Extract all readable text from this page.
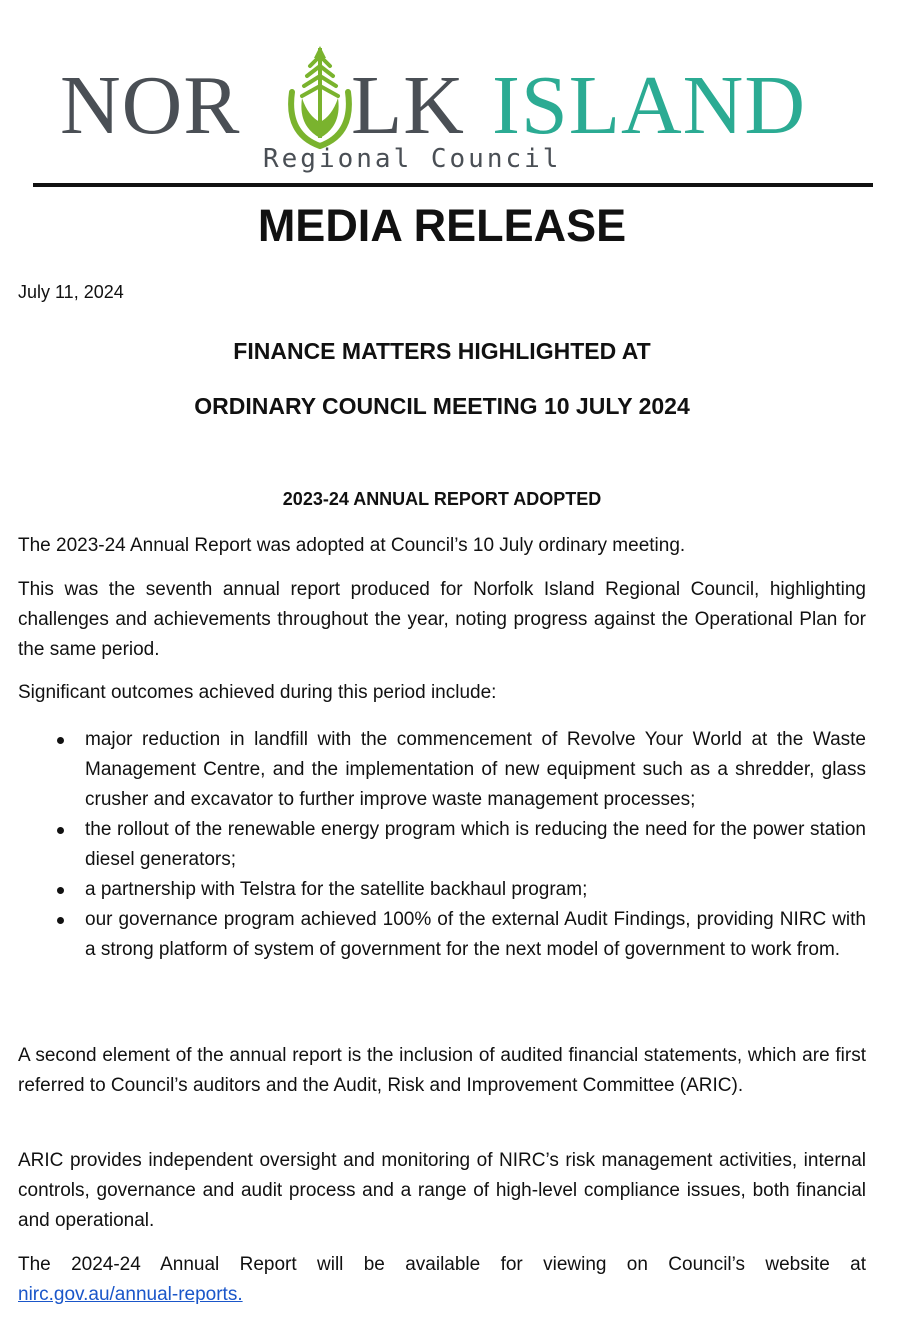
NOR LK ISLAND
Regional Council
MEDIA RELEASE
July 11, 2024
FINANCE MATTERS HIGHLIGHTED AT
ORDINARY COUNCIL MEETING 10 JULY 2024
2023-24 ANNUAL REPORT ADOPTED

The 2023-24 Annual Report was adopted at Council’s 10 July ordinary meeting.

This was the seventh annual report produced for Norfolk Island Regional Council, highlighting challenges and achievements throughout the year, noting progress against the Operational Plan for the same period.

Significant outcomes achieved during this period include:

major reduction in landfill with the commencement of Revolve Your World at the Waste Management Centre, and the implementation of new equipment such as a shredder, glass crusher and excavator to further improve waste management processes;
the rollout of the renewable energy program which is reducing the need for the power station diesel generators;
a partnership with Telstra for the satellite backhaul program;
our governance program achieved 100% of the external Audit Findings, providing NIRC with a strong platform of system of government for the next model of government to work from.

A second element of the annual report is the inclusion of audited financial statements, which are first referred to Council’s auditors and the Audit, Risk and Improvement Committee (ARIC).

ARIC provides independent oversight and monitoring of NIRC’s risk management activities, internal controls, governance and audit process and a range of high-level compliance issues, both financial and operational.

The 2024-24 Annual Report will be available for viewing on Council’s website at

nirc.gov.au/annual-reports.
